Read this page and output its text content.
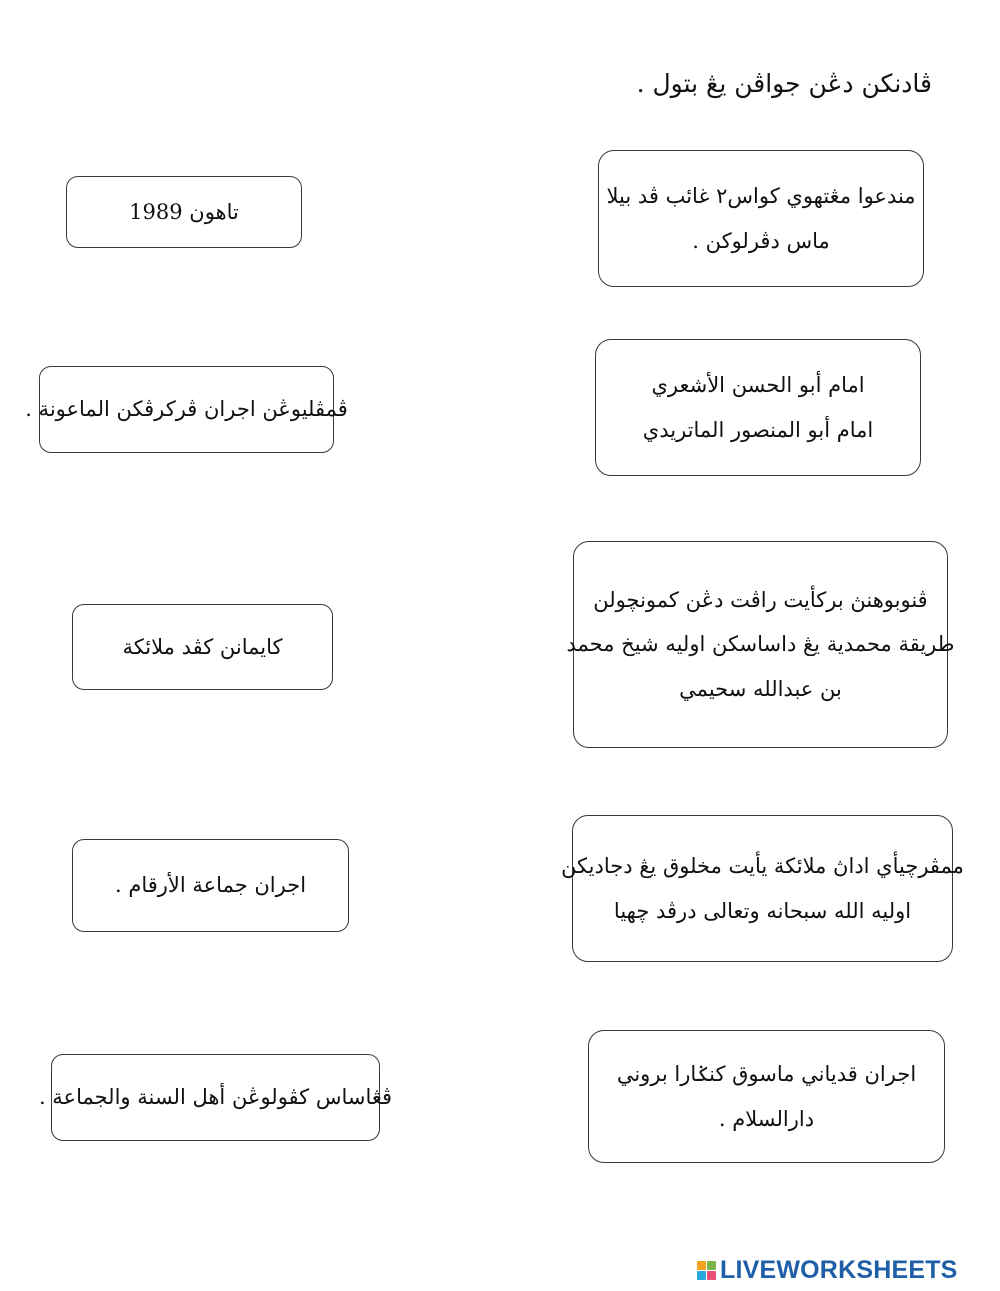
ڤادنكن دڠن جواڤن يڠ بتول .
مندعوا مڠتهوي كواس٢ غائب ڤد بيلا
ماس دڤرلوكن .
امام أبو الحسن الأشعري
امام أبو المنصور الماتريدي
ڤنوبوهنڽ بركأيت راڤت دڠن كمونچولن
طريقة محمدية يڠ داساسكن اوليه شيخ محمد
بن عبدالله سحيمي
ممڤرچيأي اداڽ ملائكة يأيت مخلوق يڠ دجاديكن
اوليه الله سبحانه وتعالى درڤد چهيا
اجران قدياني ماسوق كنݢارا بروني
دارالسلام .
تاهون 1989
ڤمڤليوڠن اجران ڤرکرڤكن الماعونة .
كايمانن كڤد ملائكة
اجران جماعة الأرقام .
ڤڠاساس كڤولوڠن أهل السنة والجماعة .
LIVEWORKSHEETS
